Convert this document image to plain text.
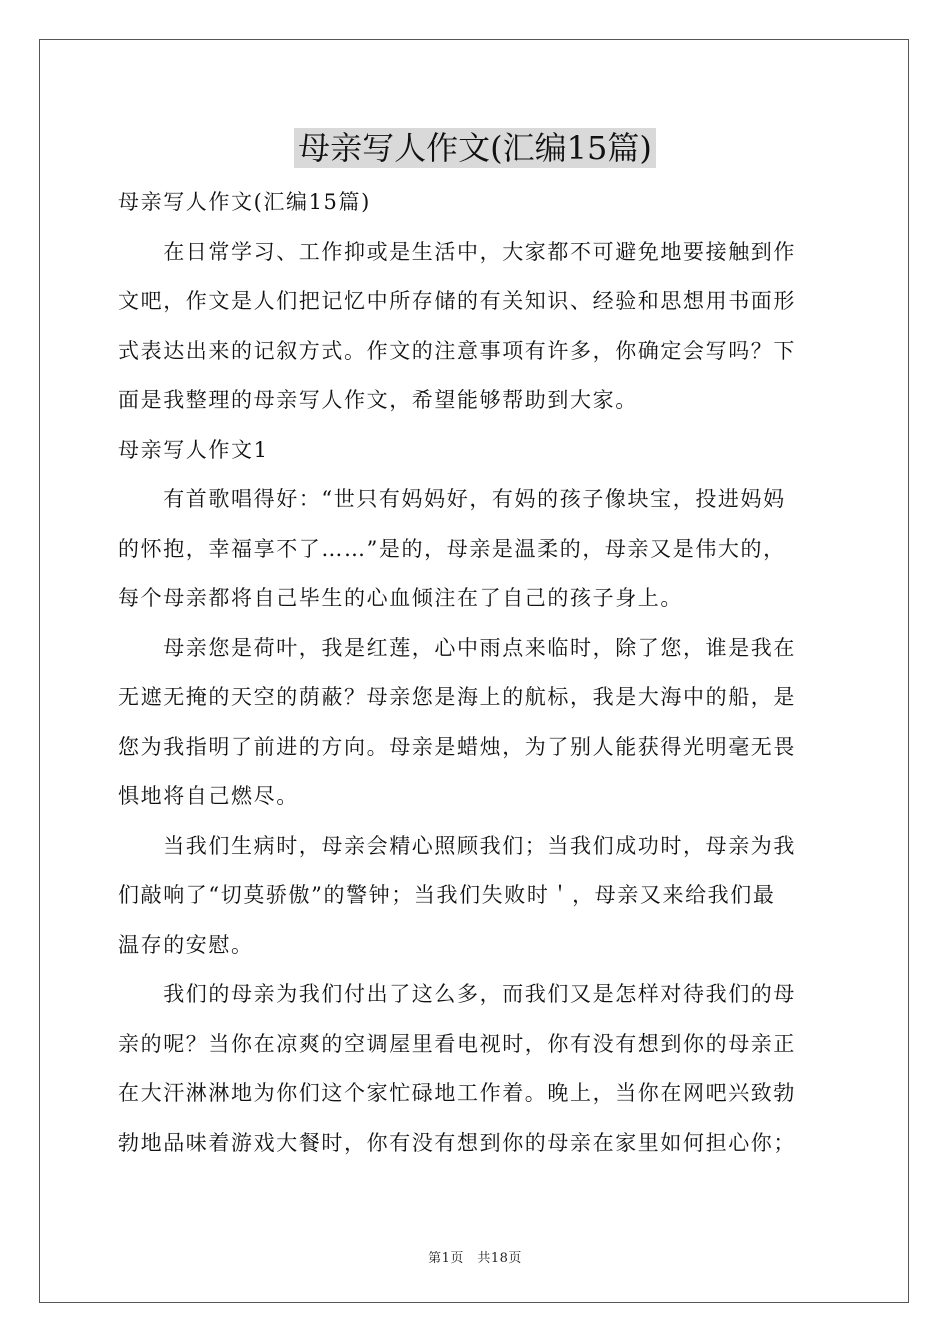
母亲写人作文(汇编15篇)

母亲写人作文(汇编15篇)

　　在日常学习、工作抑或是生活中，大家都不可避免地要接触到作

文吧，作文是人们把记忆中所存储的有关知识、经验和思想用书面形

式表达出来的记叙方式。作文的注意事项有许多，你确定会写吗？下

面是我整理的母亲写人作文，希望能够帮助到大家。

母亲写人作文1

　　有首歌唱得好：“世只有妈妈好，有妈的孩子像块宝，投进妈妈

的怀抱，幸福享不了……”是的，母亲是温柔的，母亲又是伟大的，

每个母亲都将自己毕生的心血倾注在了自己的孩子身上。

　　母亲您是荷叶，我是红莲，心中雨点来临时，除了您，谁是我在

无遮无掩的天空的荫蔽？母亲您是海上的航标，我是大海中的船，是

您为我指明了前进的方向。母亲是蜡烛，为了别人能获得光明毫无畏

惧地将自己燃尽。

　　当我们生病时，母亲会精心照顾我们；当我们成功时，母亲为我

们敲响了“切莫骄傲”的警钟；当我们失败时＇，母亲又来给我们最

温存的安慰。

　　我们的母亲为我们付出了这么多，而我们又是怎样对待我们的母

亲的呢？当你在凉爽的空调屋里看电视时，你有没有想到你的母亲正

在大汗淋淋地为你们这个家忙碌地工作着。晚上，当你在网吧兴致勃

勃地品味着游戏大餐时，你有没有想到你的母亲在家里如何担心你；

第1页　共18页
